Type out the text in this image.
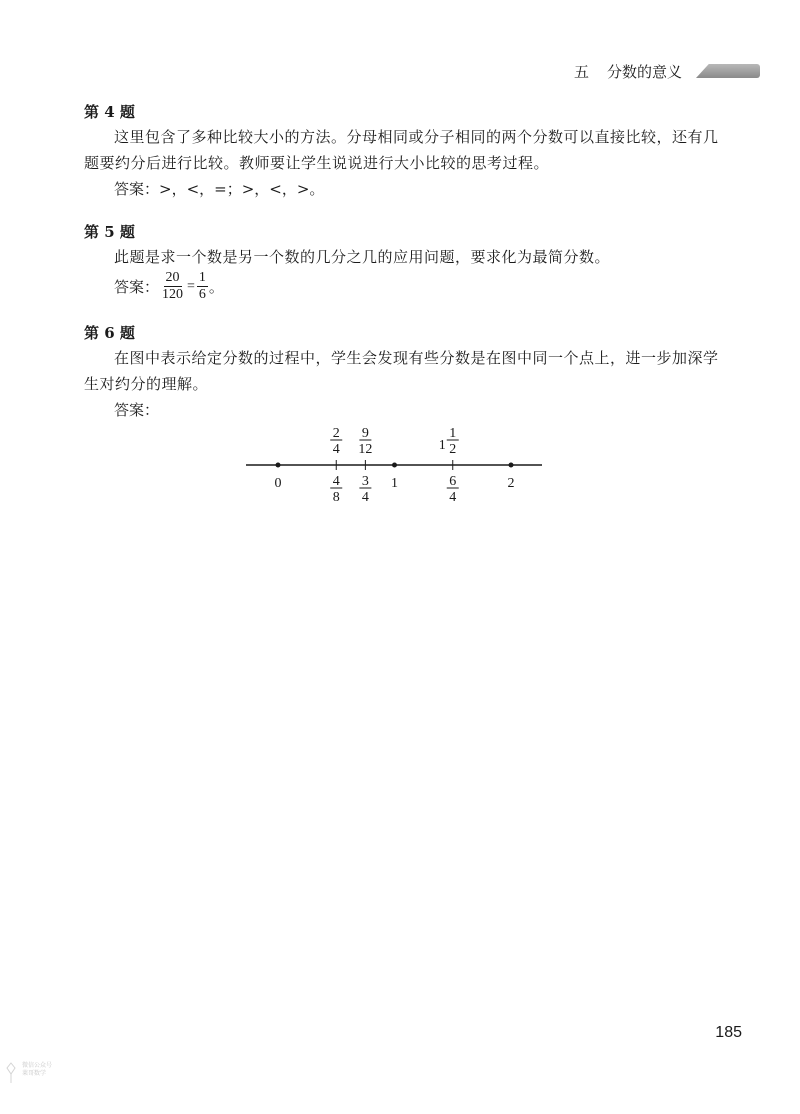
五 分数的意义

第 4 题

这里包含了多种比较大小的方法。分母相同或分子相同的两个分数可以直接比较，还有几题要约分后进行比较。教师要让学生说说进行大小比较的思考过程。

答案：>，<，=；>，<，>。

第 5 题

此题是求一个数是另一个数的几分之几的应用问题，要求化为最简分数。

答案： $\frac{20}{120} = \frac{1}{6}$ 。

第 6 题

在图中表示给定分数的过程中，学生会发现有些分数是在图中同一个点上，进一步加深学生对约分的理解。

答案：

0	1	2
2
4
9
12	1
1
2
4
8
3
4
6
4
185
微信公众号
莱哥数学
